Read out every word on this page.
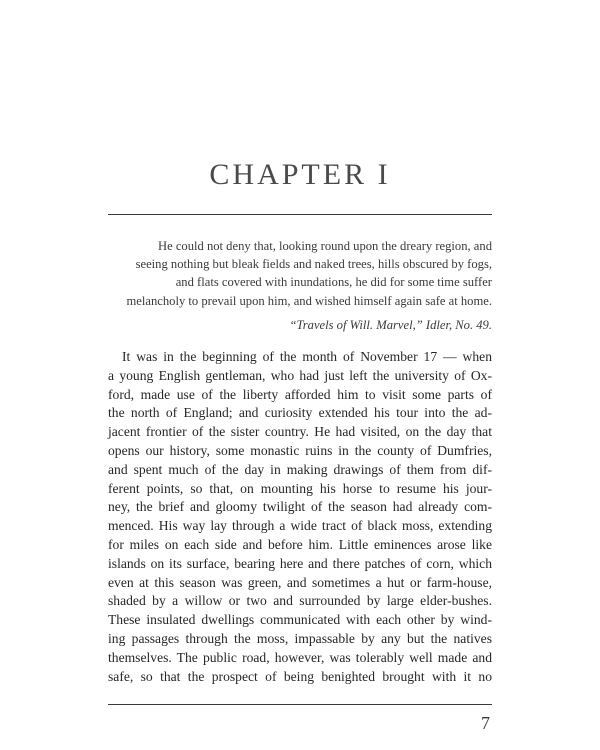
CHAPTER I
He could not deny that, looking round upon the dreary region, and
seeing nothing but bleak fields and naked trees, hills obscured by fogs,
and flats covered with inundations, he did for some time suffer
melancholy to prevail upon him, and wished himself again safe at home.
“Travels of Will. Marvel,” Idler, No. 49.
It was in the beginning of the month of November 17 — when
a young English gentleman, who had just left the university of Ox-
ford, made use of the liberty afforded him to visit some parts of
the north of England; and curiosity extended his tour into the ad-
jacent frontier of the sister country. He had visited, on the day that
opens our history, some monastic ruins in the county of Dumfries,
and spent much of the day in making drawings of them from dif-
ferent points, so that, on mounting his horse to resume his jour-
ney, the brief and gloomy twilight of the season had already com-
menced. His way lay through a wide tract of black moss, extending
for miles on each side and before him. Little eminences arose like
islands on its surface, bearing here and there patches of corn, which
even at this season was green, and sometimes a hut or farm-house,
shaded by a willow or two and surrounded by large elder-bushes.
These insulated dwellings communicated with each other by wind-
ing passages through the moss, impassable by any but the natives
themselves. The public road, however, was tolerably well made and
safe, so that the prospect of being benighted brought with it no
7
